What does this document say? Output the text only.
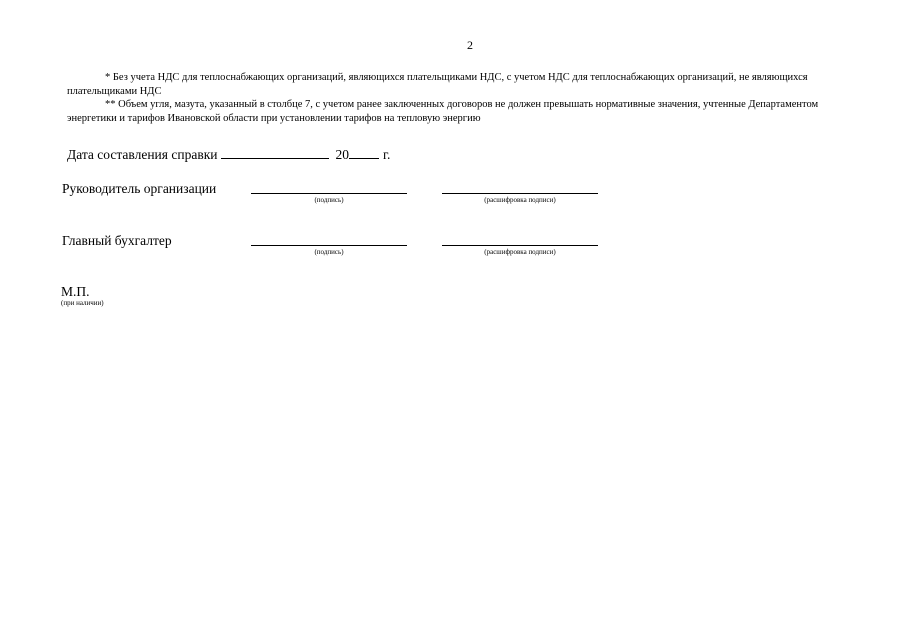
2

* Без учета НДС для теплоснабжающих организаций, являющихся плательщиками НДС, с учетом НДС для теплоснабжающих организаций, не являющихся плательщиками НДС

** Объем угля, мазута, указанный в столбце 7, с учетом ранее заключенных договоров не должен превышать нормативные значения, учтенные Департаментом энергетики и тарифов Ивановской области при установлении тарифов на тепловую энергию

Дата составления справки	20	г.
Руководитель организации
(подпись)	(расшифровка подписи)
Главный бухгалтер
(подпись)	(расшифровка подписи)
М.П.
(при наличии)
